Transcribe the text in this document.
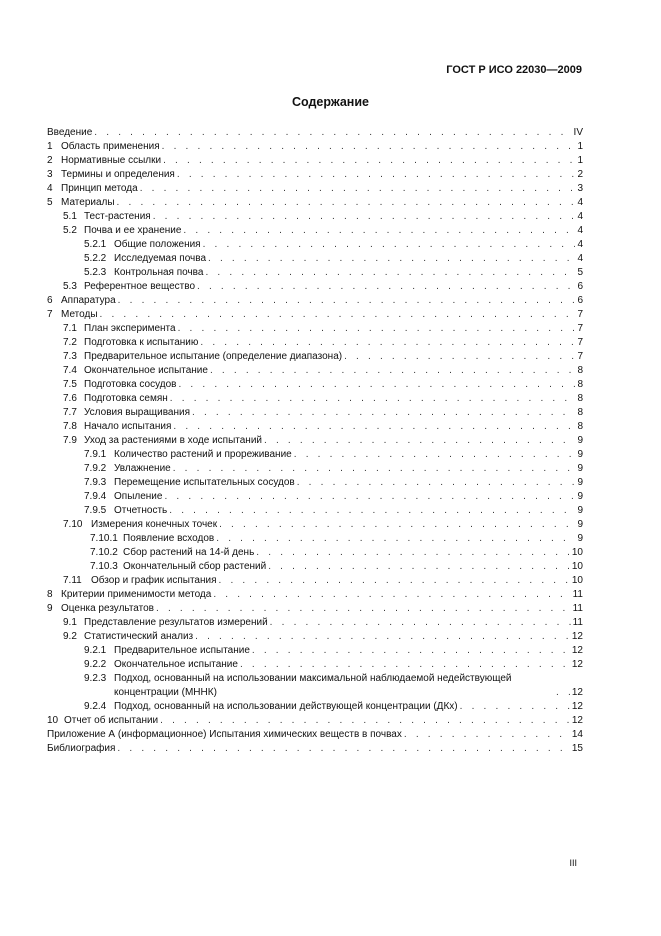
ГОСТ Р ИСО 22030—2009
Содержание
Введение . . .	IV
1 Область применения . . .	1
2 Нормативные ссылки . . .	1
3 Термины и определения . . .	2
4 Принцип метода . . .	3
5 Материалы . . .	4
5.1 Тест-растения . . .	4
5.2 Почва и ее хранение . . .	4
5.2.1 Общие положения . . .	4
5.2.2 Исследуемая почва . . .	4
5.2.3 Контрольная почва . . .	5
5.3 Референтное вещество . . .	6
6 Аппаратура . . .	6
7 Методы . . .	7
7.1 План эксперимента . . .	7
7.2 Подготовка к испытанию . . .	7
7.3 Предварительное испытание (определение диапазона) . . .	7
7.4 Окончательное испытание . . .	8
7.5 Подготовка сосудов . . .	8
7.6 Подготовка семян . . .	8
7.7 Условия выращивания . . .	8
7.8 Начало испытания . . .	8
7.9 Уход за растениями в ходе испытаний . . .	9
7.9.1 Количество растений и прореживание . . .	9
7.9.2 Увлажнение . . .	9
7.9.3 Перемещение испытательных сосудов . . .	9
7.9.4 Опыление . . .	9
7.9.5 Отчетность . . .	9
7.10 Измерения конечных точек . . .	9
7.10.1 Появление всходов . . .	9
7.10.2 Сбор растений на 14-й день . . .	10
7.10.3 Окончательный сбор растений . . .	10
7.11 Обзор и график испытания . . .	10
8 Критерии применимости метода . . .	11
9 Оценка результатов . . .	11
9.1 Представление результатов измерений . . .	11
9.2 Статистический анализ . . .	12
9.2.1 Предварительное испытание . . .	12
9.2.2 Окончательное испытание . . .	12
9.2.3 Подход, основанный на использовании максимальной наблюдаемой недействующей концентрации (МННК) . . .	12
9.2.4 Подход, основанный на использовании действующей концентрации (ДКх) . . .	12
10 Отчет об испытании . . .	12
Приложение А (информационное) Испытания химических веществ в почвах . . .	14
Библиография . . .	15
III
